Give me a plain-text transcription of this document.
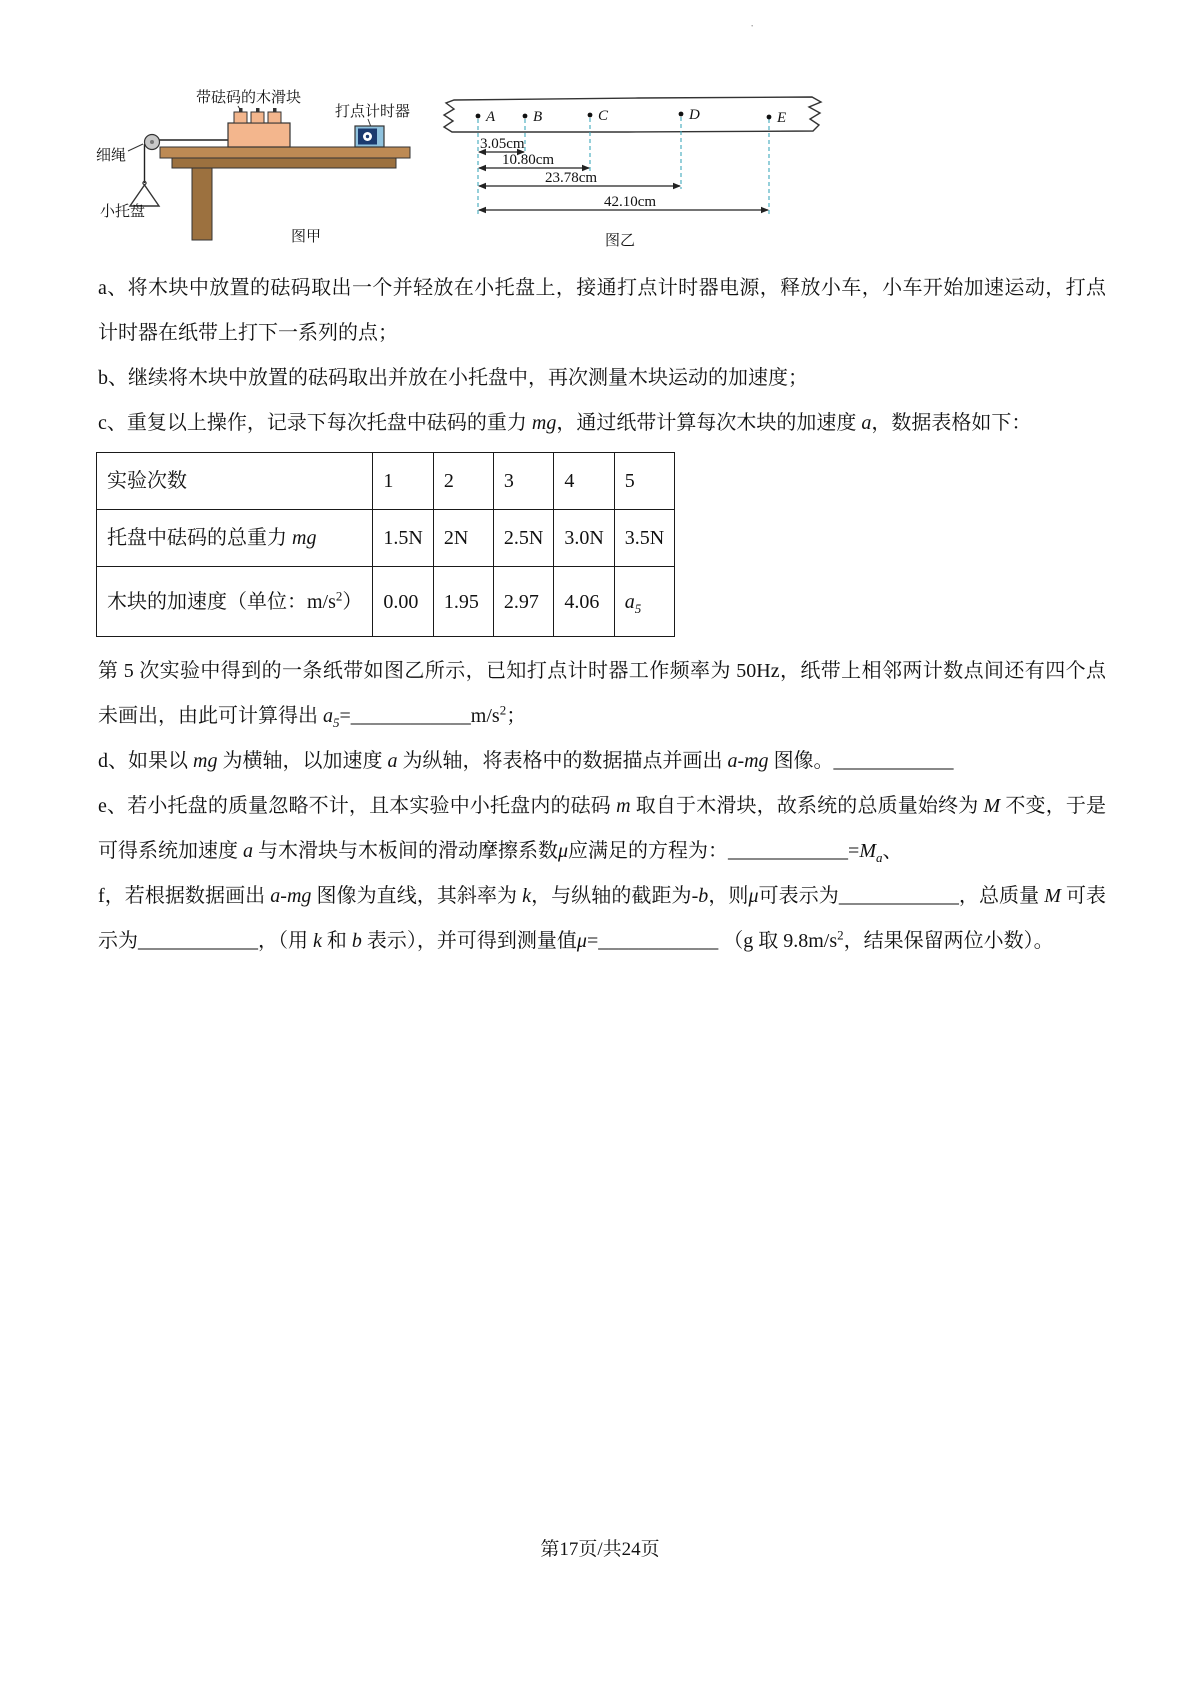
·
带砝码的木滑块
打点计时器
细绳
小托盘
图甲
A	B	C	D	E
3.05cm
10.80cm
23.78cm
42.10cm
图乙

a、将木块中放置的砝码取出一个并轻放在小托盘上，接通打点计时器电源，释放小车，小车开始加速运动，打点计时器在纸带上打下一系列的点；

b、继续将木块中放置的砝码取出并放在小托盘中，再次测量木块运动的加速度；

c、重复以上操作，记录下每次托盘中砝码的重力 mg，通过纸带计算每次木块的加速度 a，数据表格如下：

实验次数	1	2	3	4	5
托盘中砝码的总重力 mg	1.5N	2N	2.5N	3.0N	3.5N
木块的加速度（单位：$m/s^2$）	0.00	1.95	2.97	4.06	$a_5$

第 5 次实验中得到的一条纸带如图乙所示，已知打点计时器工作频率为 50Hz，纸带上相邻两计数点间还有四个点未画出，由此可计算得出 $a_5=\_\_\_\_\_\_\_\_\_\_\_\_m/s^2$；

d、如果以 mg 为横轴，以加速度 a 为纵轴，将表格中的数据描点并画出 a-mg 图像。____________

e、若小托盘的质量忽略不计，且本实验中小托盘内的砝码 m 取自于木滑块，故系统的总质量始终为 M 不变，于是可得系统加速度 a 与木滑块与木板间的滑动摩擦系数μ应满足的方程为：$\_\_\_\_\_\_\_\_\_\_\_\_=M_a$、

f，若根据数据画出 a-mg 图像为直线，其斜率为 k，与纵轴的截距为-b，则μ可表示为____________，总质量 M 可表示为____________，（用 k 和 b 表示），并可得到测量值μ=____________ （g 取 $9.8m/s^2$，结果保留两位小数）。

第17页/共24页
